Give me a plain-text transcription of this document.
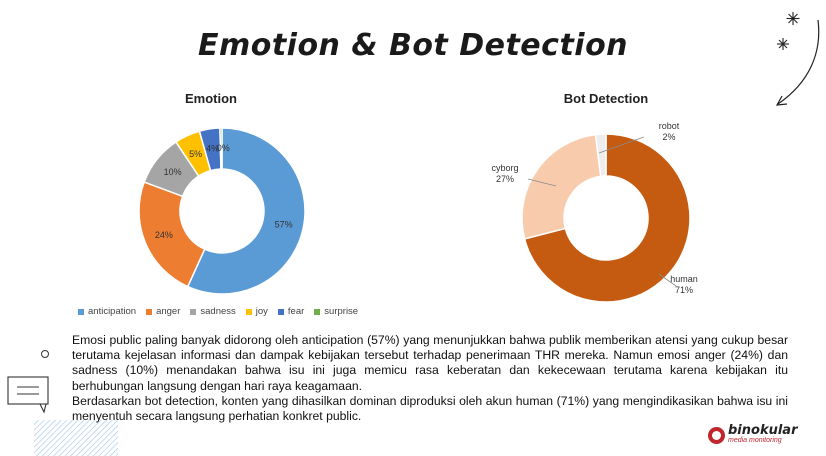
Emotion & Bot Detection
Emotion
57%
24%
10%
5%
4%
0%
anticipation anger sadness joy fear surprise
Bot Detection
human 71%
cyborg 27%
robot 2%

Emosi public paling banyak didorong oleh anticipation (57%) yang menunjukkan bahwa publik memberikan atensi yang cukup besar terutama kejelasan informasi dan dampak kebijakan tersebut terhadap penerimaan THR mereka. Namun emosi anger (24%) dan sadness (10%) menandakan bahwa isu ini juga memicu rasa keberatan dan kekecewaan terutama karena kebijakan itu berhubungan langsung dengan hari raya keagamaan.

Berdasarkan bot detection, konten yang dihasilkan dominan diproduksi oleh akun human (71%) yang mengindikasikan bahwa isu ini menyentuh secara langsung perhatian konkret public.

binokular
media monitoring
